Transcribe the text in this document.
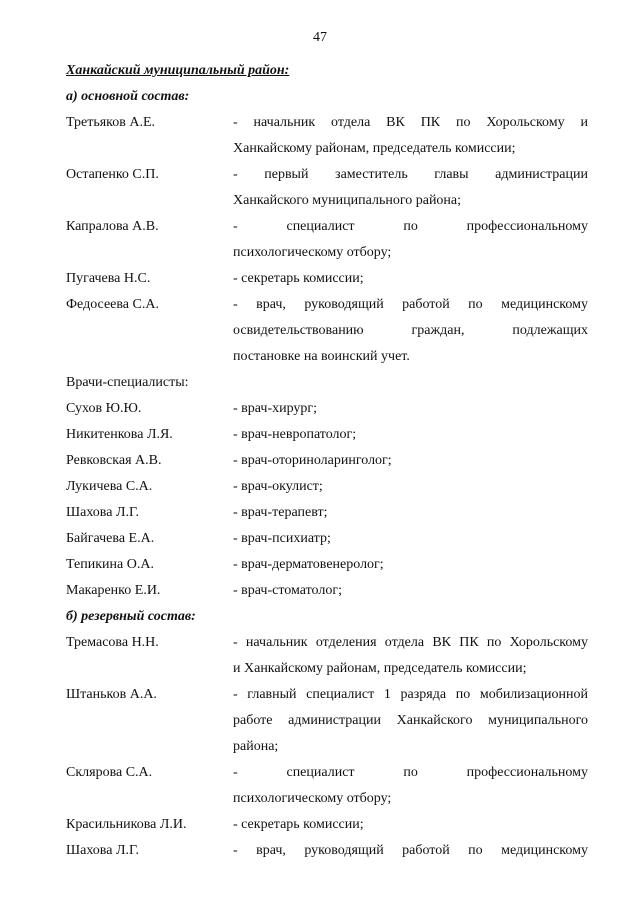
47
Ханкайский муниципальный район:
а) основной состав:
Третьяков А.Е.	- начальник отдела ВК ПК по Хорольскому и
Ханкайскому районам, председатель комиссии;
Остапенко С.П.	- первый заместитель главы администрации
Ханкайского муниципального района;
Капралова А.В.	- специалист по профессиональному
психологическому отбору;
Пугачева Н.С.	- секретарь комиссии;
Федосеева С.А.	- врач, руководящий работой по медицинскому
освидетельствованию граждан, подлежащих
постановке на воинский учет.
Врачи-специалисты:
Сухов Ю.Ю.	- врач-хирург;
Никитенкова Л.Я.	- врач-невропатолог;
Ревковская А.В.	- врач-оториноларинголог;
Лукичева С.А.	- врач-окулист;
Шахова Л.Г.	- врач-терапевт;
Байгачева Е.А.	- врач-психиатр;
Тепикина О.А.	- врач-дерматовенеролог;
Макаренко Е.И.	- врач-стоматолог;
б) резервный состав:
Тремасова Н.Н.	- начальник отделения отдела ВК ПК по Хорольскому
и Ханкайскому районам, председатель комиссии;
Штаньков А.А.	- главный специалист 1 разряда по мобилизационной
работе администрации Ханкайского муниципального
района;
Склярова С.А.	- специалист по профессиональному
психологическому отбору;
Красильникова Л.И.	- секретарь комиссии;
Шахова Л.Г.	- врач, руководящий работой по медицинскому
